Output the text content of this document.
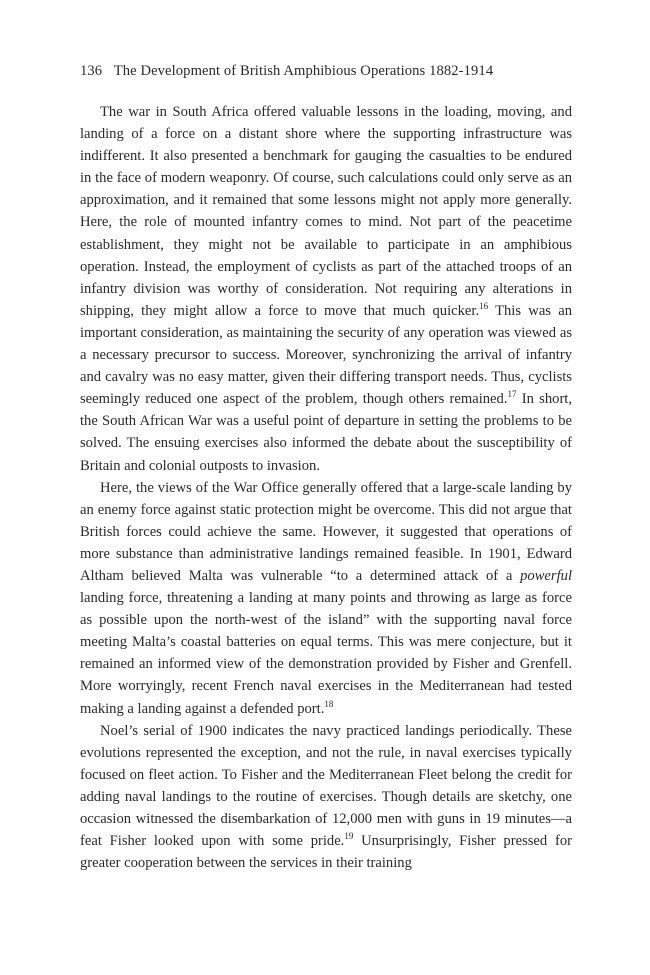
136 The Development of British Amphibious Operations 1882-1914

The war in South Africa offered valuable lessons in the loading, moving, and landing of a force on a distant shore where the supporting infrastructure was indifferent. It also presented a benchmark for gauging the casualties to be endured in the face of modern weaponry. Of course, such calculations could only serve as an approximation, and it remained that some lessons might not apply more generally. Here, the role of mounted infantry comes to mind. Not part of the peacetime establishment, they might not be available to participate in an amphibious operation. Instead, the employment of cyclists as part of the attached troops of an infantry division was worthy of consideration. Not requiring any alterations in shipping, they might allow a force to move that much quicker.$^{16}$ This was an important consideration, as maintaining the security of any operation was viewed as a necessary precursor to success. Moreover, synchronizing the arrival of infantry and cavalry was no easy matter, given their differing transport needs. Thus, cyclists seemingly reduced one aspect of the problem, though others remained.$^{17}$ In short, the South African War was a useful point of departure in setting the problems to be solved. The ensuing exercises also informed the debate about the susceptibility of Britain and colonial outposts to invasion.

Here, the views of the War Office generally offered that a large-scale landing by an enemy force against static protection might be overcome. This did not argue that British forces could achieve the same. However, it suggested that operations of more substance than administrative landings remained feasible. In 1901, Edward Altham believed Malta was vulnerable “to a determined attack of a powerful landing force, threatening a landing at many points and throwing as large as force as possible upon the north-west of the island” with the supporting naval force meeting Malta’s coastal batteries on equal terms. This was mere conjecture, but it remained an informed view of the demonstration provided by Fisher and Grenfell. More worryingly, recent French naval exercises in the Mediterranean had tested making a landing against a defended port.$^{18}$

Noel’s serial of 1900 indicates the navy practiced landings periodically. These evolutions represented the exception, and not the rule, in naval exercises typically focused on fleet action. To Fisher and the Mediterranean Fleet belong the credit for adding naval landings to the routine of exercises. Though details are sketchy, one occasion witnessed the disembarkation of 12,000 men with guns in 19 minutes—a feat Fisher looked upon with some pride.$^{19}$ Unsurprisingly, Fisher pressed for greater cooperation between the services in their training
